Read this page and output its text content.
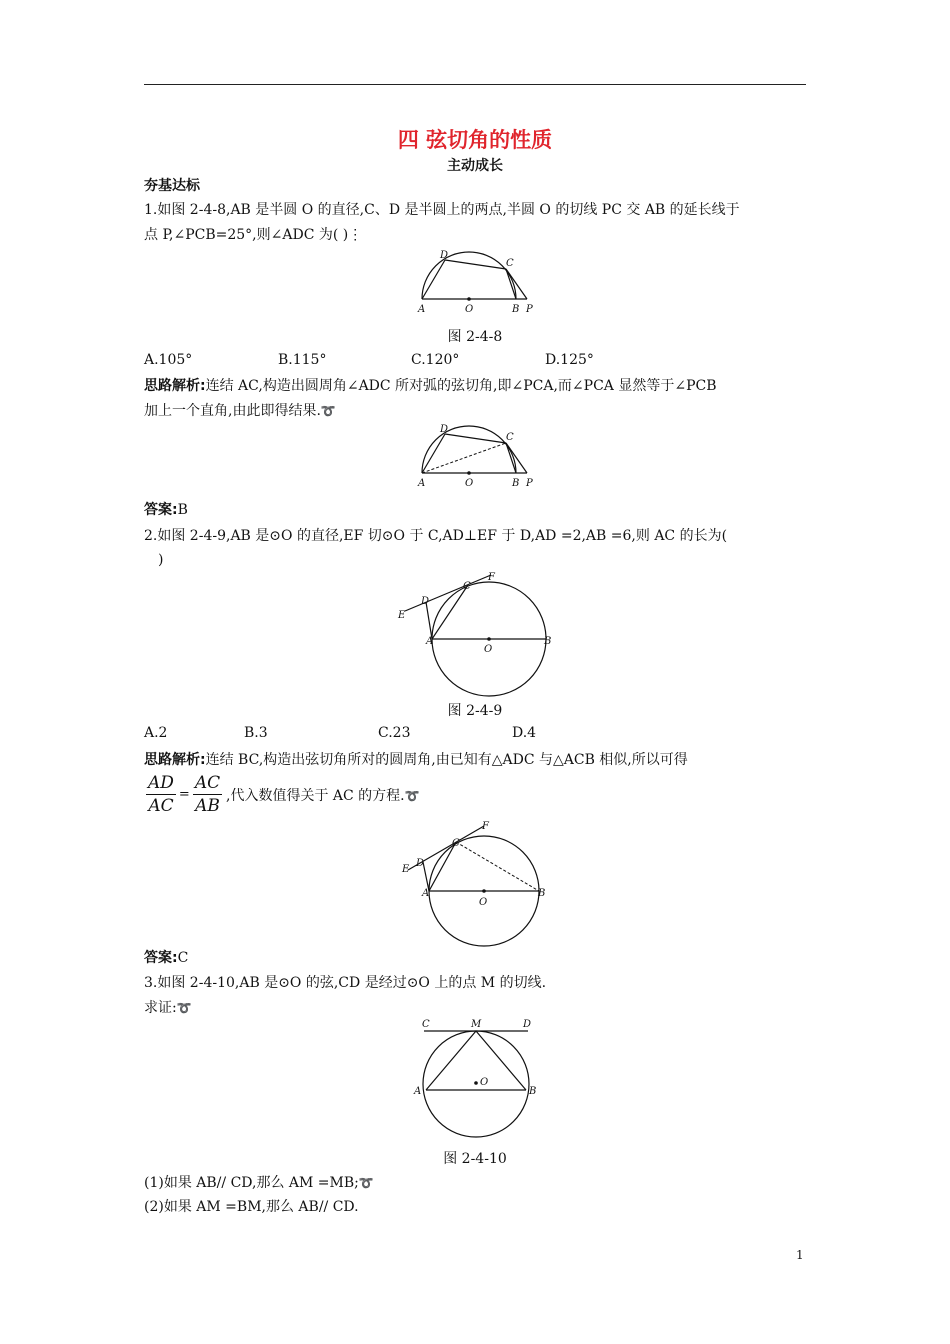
四 弦切角的性质
主动成长
夯基达标
1.如图 2-4-8,AB 是半圆 O 的直径,C、D 是半圆上的两点,半圆 O 的切线 PC 交 AB 的延长线于
点 P,∠PCB=25°,则∠ADC 为( )⋮
A	O	B P
D
C
图 2-4-8
A.105°	B.115°	C.120°	D.125°
思路解析:连结 AC,构造出圆周角∠ADC 所对弧的弦切角,即∠PCA,而∠PCA 显然等于∠PCB
加上一个直角,由此即得结果.➰
A	O	B P
D
C
答案:B
2.如图 2-4-9,AB 是⊙O 的直径,EF 切⊙O 于 C,AD⊥EF 于 D,AD =2,AB =6,则 AC 的长为(
)
E
D
C
F
A
O
B
图 2-4-9
A.2	B.3	C.23	D.4
思路解析:连结 BC,构造出弦切角所对的圆周角,由已知有△ADC 与△ACB 相似,所以可得
$\frac{AD}{AC} = \frac{AC}{AB}$ ,代入数值得关于 AC 的方程.➰
E
D
C
F
A
O
B
答案:C
3.如图 2-4-10,AB 是⊙O 的弦,CD 是经过⊙O 上的点 M 的切线.
求证:➰
C	M	D
A
O
B
图 2-4-10
(1)如果 AB// CD,那么 AM =MB;➰
(2)如果 AM =BM,那么 AB// CD.
1
